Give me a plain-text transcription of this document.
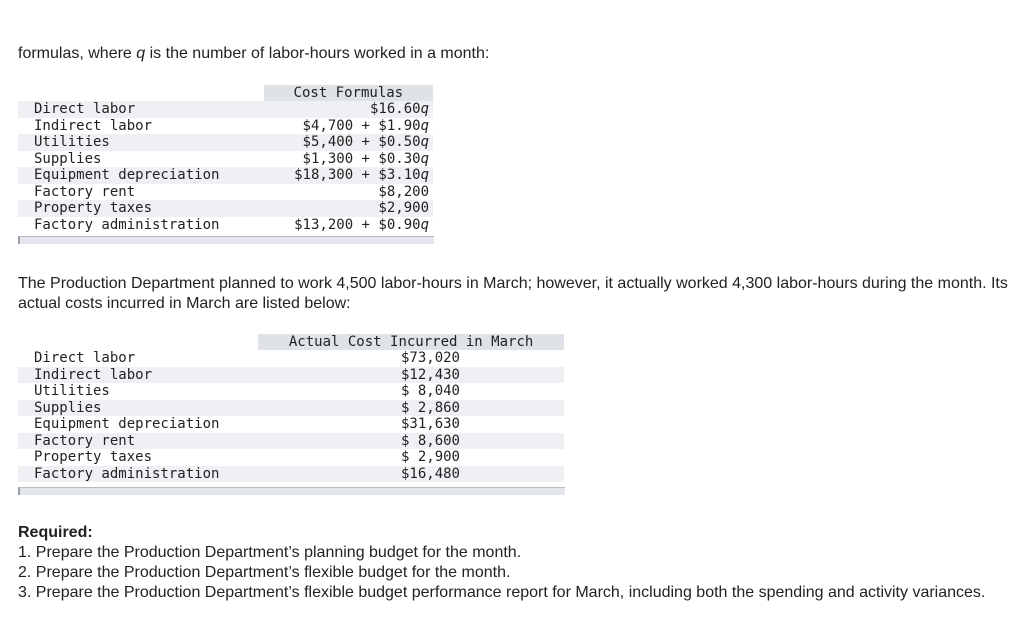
formulas, where q is the number of labor-hours worked in a month:

	Cost Formulas
Direct labor	$16.60q
Indirect labor	$4,700 + $1.90q
Utilities	$5,400 + $0.50q
Supplies	$1,300 + $0.30q
Equipment depreciation	$18,300 + $3.10q
Factory rent	$8,200
Property taxes	$2,900
Factory administration	$13,200 + $0.90q

The Production Department planned to work 4,500 labor-hours in March; however, it actually worked 4,300 labor-hours during the month. Its actual costs incurred in March are listed below:

	Actual Cost Incurred in March
Direct labor	$73,020
Indirect labor	$12,430
Utilities	$ 8,040
Supplies	$ 2,860
Equipment depreciation	$31,630
Factory rent	$ 8,600
Property taxes	$ 2,900
Factory administration	$16,480
Required:
1. Prepare the Production Department’s planning budget for the month.
2. Prepare the Production Department’s flexible budget for the month.
3. Prepare the Production Department’s flexible budget performance report for March, including both the spending and activity variances.
